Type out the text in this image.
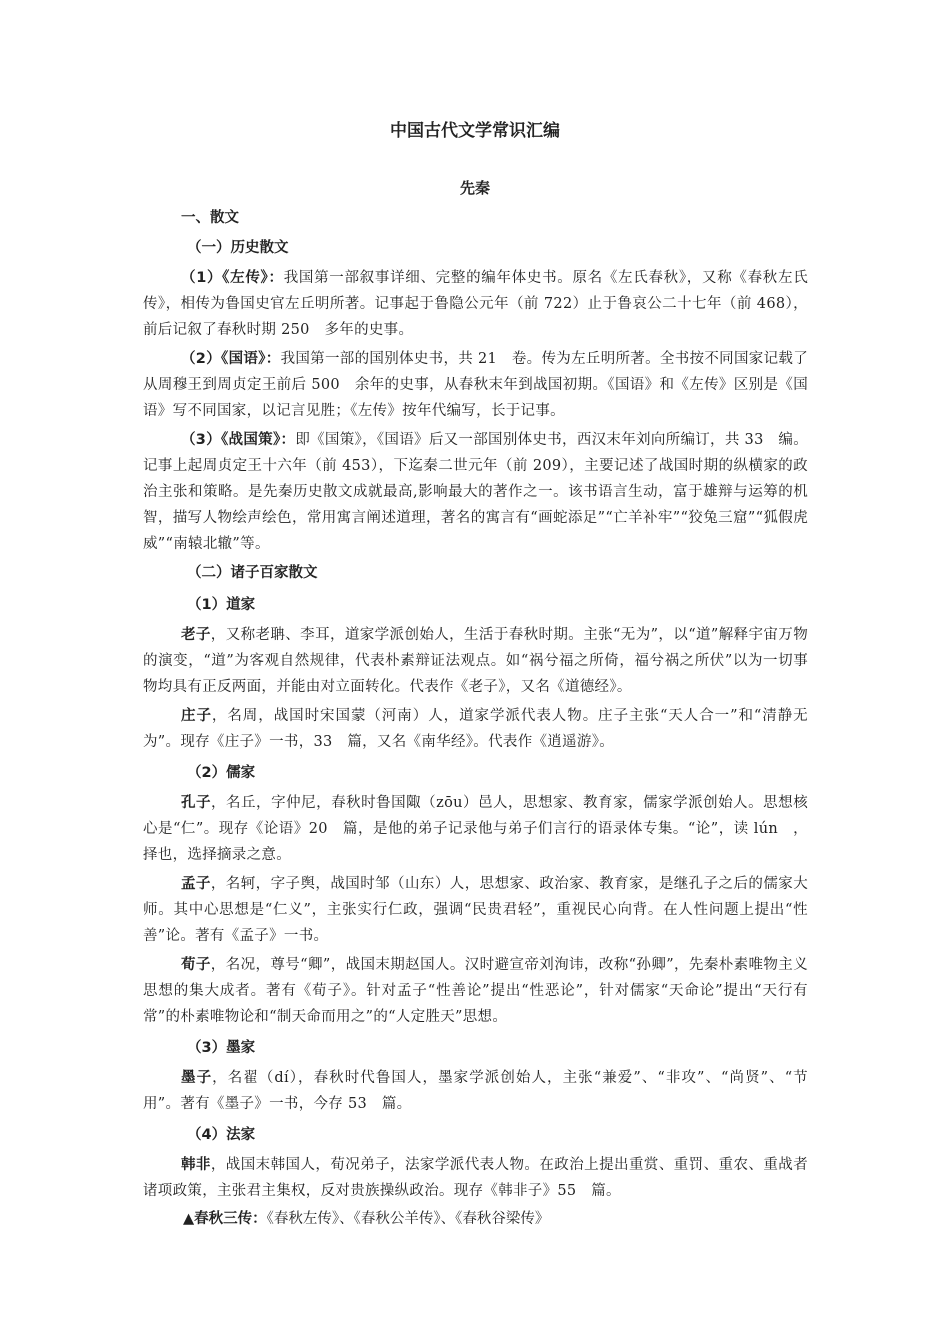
中国古代文学常识汇编
先秦
一、散文
（一）历史散文
（1）《左传》：我国第一部叙事详细、完整的编年体史书。原名《左氏春秋》，又称《春秋左氏传》，相传为鲁国史官左丘明所著。记事起于鲁隐公元年（前 722）止于鲁哀公二十七年（前 468），前后记叙了春秋时期 250　多年的史事。
（2）《国语》：我国第一部的国别体史书，共 21　卷。传为左丘明所著。全书按不同国家记载了从周穆王到周贞定王前后 500　余年的史事，从春秋末年到战国初期。《国语》和《左传》区别是《国语》写不同国家，以记言见胜；《左传》按年代编写，长于记事。
（3）《战国策》：即《国策》，《国语》后又一部国别体史书，西汉末年刘向所编订，共 33　编。记事上起周贞定王十六年（前 453），下迄秦二世元年（前 209），主要记述了战国时期的纵横家的政治主张和策略。是先秦历史散文成就最高,影响最大的著作之一。该书语言生动，富于雄辩与运筹的机智，描写人物绘声绘色，常用寓言阐述道理，著名的寓言有“画蛇添足”“亡羊补牢”“狡兔三窟”“狐假虎威”“南辕北辙”等。
（二）诸子百家散文
（1）道家
老子，又称老聃、李耳，道家学派创始人，生活于春秋时期。主张“无为”，以“道”解释宇宙万物的演变，“道”为客观自然规律，代表朴素辩证法观点。如“祸兮福之所倚，福兮祸之所伏”以为一切事物均具有正反两面，并能由对立面转化。代表作《老子》，又名《道德经》。
庄子，名周，战国时宋国蒙（河南）人，道家学派代表人物。庄子主张“天人合一”和“清静无为”。现存《庄子》一书，33　篇，又名《南华经》。代表作《逍遥游》。
（2）儒家
孔子，名丘，字仲尼，春秋时鲁国陬（zōu）邑人，思想家、教育家，儒家学派创始人。思想核心是“仁”。现存《论语》20　篇，是他的弟子记录他与弟子们言行的语录体专集。“论”，读 lún　，择也，选择摘录之意。
孟子，名轲，字子舆，战国时邹（山东）人，思想家、政治家、教育家，是继孔子之后的儒家大师。其中心思想是“仁义”，主张实行仁政，强调“民贵君轻”，重视民心向背。在人性问题上提出“性善”论。著有《孟子》一书。
荀子，名况，尊号“卿”，战国末期赵国人。汉时避宣帝刘洵讳，改称“孙卿”，先秦朴素唯物主义思想的集大成者。著有《荀子》。针对孟子“性善论”提出“性恶论”，针对儒家“天命论”提出“天行有常”的朴素唯物论和“制天命而用之”的“人定胜天”思想。
（3）墨家
墨子，名翟（dí），春秋时代鲁国人，墨家学派创始人，主张“兼爱”、“非攻”、“尚贤”、“节用”。著有《墨子》一书，今存 53　篇。
（4）法家
韩非，战国末韩国人，荀况弟子，法家学派代表人物。在政治上提出重赏、重罚、重农、重战者诸项政策，主张君主集权，反对贵族操纵政治。现存《韩非子》55　篇。
▲春秋三传：《春秋左传》、《春秋公羊传》、《春秋谷梁传》
